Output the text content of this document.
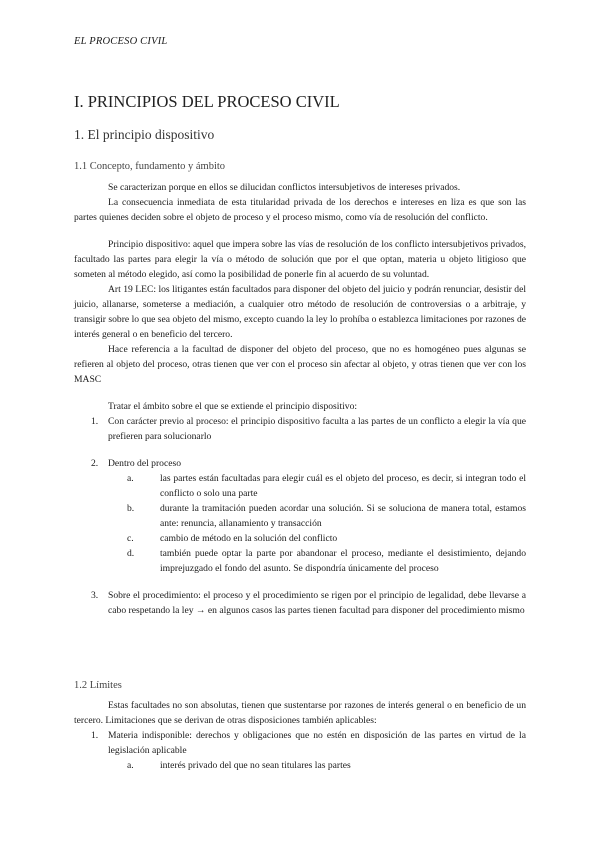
EL PROCESO CIVIL
I. PRINCIPIOS DEL PROCESO CIVIL
1. El principio dispositivo
1.1 Concepto, fundamento y ámbito

Se caracterizan porque en ellos se dilucidan conflictos intersubjetivos de intereses privados.

La consecuencia inmediata de esta titularidad privada de los derechos e intereses en liza es que son las partes quienes deciden sobre el objeto de proceso y el proceso mismo, como vía de resolución del conflicto.

Principio dispositivo: aquel que impera sobre las vías de resolución de los conflicto intersubjetivos privados, facultado las partes para elegir la vía o método de solución que por el que optan, materia u objeto litigioso que someten al método elegido, así como la posibilidad de ponerle fin al acuerdo de su voluntad.

Art 19 LEC: los litigantes están facultados para disponer del objeto del juicio y podrán renunciar, desistir del juicio, allanarse, someterse a mediación, a cualquier otro método de resolución de controversias o a arbitraje, y transigir sobre lo que sea objeto del mismo, excepto cuando la ley lo prohíba o establezca limitaciones por razones de interés general o en beneficio del tercero.

Hace referencia a la facultad de disponer del objeto del proceso, que no es homogéneo pues algunas se refieren al objeto del proceso, otras tienen que ver con el proceso sin afectar al objeto, y otras tienen que ver con los MASC

Tratar el ámbito sobre el que se extiende el principio dispositivo:

1. Con carácter previo al proceso: el principio dispositivo faculta a las partes de un conflicto a elegir la vía que prefieren para solucionarlo
2. Dentro del proceso
a.	las partes están facultadas para elegir cuál es el objeto del proceso, es decir, si integran todo el conflicto o solo una parte
b.	durante la tramitación pueden acordar una solución. Si se soluciona de manera total, estamos ante: renuncia, allanamiento y transacción
c.	cambio de método en la solución del conflicto
d.	también puede optar la parte por abandonar el proceso, mediante el desistimiento, dejando imprejuzgado el fondo del asunto. Se dispondría únicamente del proceso
3. Sobre el procedimiento: el proceso y el procedimiento se rigen por el principio de legalidad, debe llevarse a cabo respetando la ley → en algunos casos las partes tienen facultad para disponer del procedimiento mismo
1.2 Límites

Estas facultades no son absolutas, tienen que sustentarse por razones de interés general o en beneficio de un tercero. Limitaciones que se derivan de otras disposiciones también aplicables:

1. Materia indisponible: derechos y obligaciones que no estén en disposición de las partes en virtud de la legislación aplicable
a.	interés privado del que no sean titulares las partes
